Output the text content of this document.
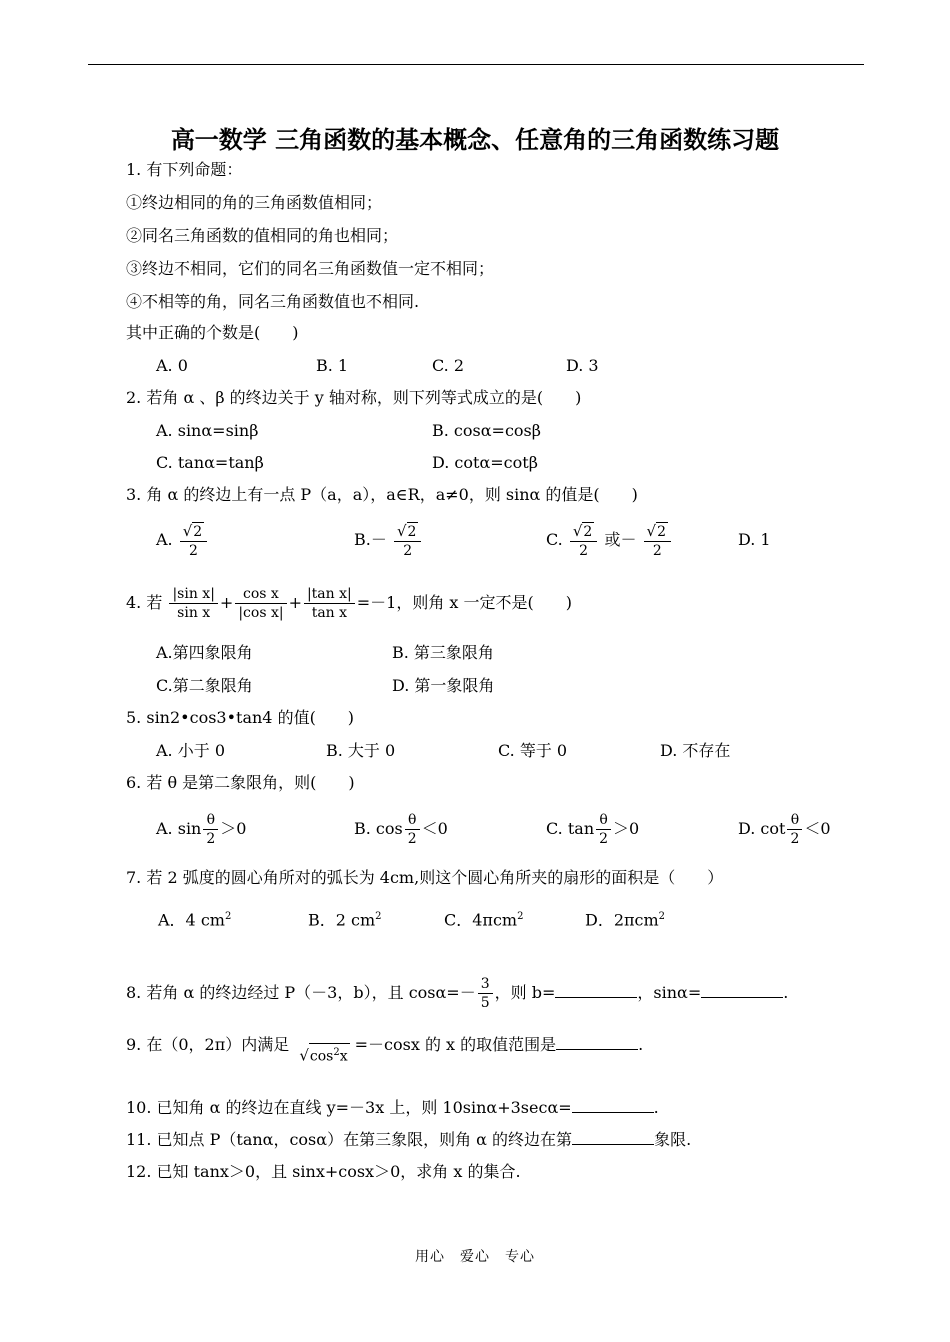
高一数学 三角函数的基本概念、任意角的三角函数练习题
1. 有下列命题：
①终边相同的角的三角函数值相同；
②同名三角函数的值相同的角也相同；
③终边不相同，它们的同名三角函数值一定不相同；
④不相等的角，同名三角函数值也不相同.
其中正确的个数是(　　)
A. 0	B. 1	C. 2	D. 3
2. 若角 α 、β 的终边关于 y 轴对称，则下列等式成立的是(　　)
A. sinα=sinβ	B. cosα=cosβ
C. tanα=tanβ	D. cotα=cotβ
3. 角 α 的终边上有一点 P（a，a），a∈R，a≠0，则 sinα 的值是(　　)
A. $\frac{√2}{2}$	$B.- \frac{√2}{2}$	C. $\frac{√2}{2}$ 或－ $\frac{√2}{2}$	D. 1
4. 若 $\frac{\text{|sin x|}}{\text{sin x}} + \frac{\text{cos x}}{\text{|cos x|}} + \frac{\text{|tan x|}}{\text{tan x}} =-1$，则角 x 一定不是(　　)
A.第四象限角	B. 第三象限角
C.第二象限角	D. 第一象限角
5. sin2•cos3•tan4 的值(　　)
A. 小于 0	B. 大于 0	C. 等于 0	D. 不存在
6. 若 θ 是第二象限角，则(　　)
A. $\sin \frac{\theta}{2} >0$	B. $\cos \frac{\theta}{2} <0$	C. $\tan \frac{\theta}{2} >0$	D. $\cot \frac{\theta}{2} <0$
7. 若 2 弧度的圆心角所对的弧长为 4cm,则这个圆心角所夹的扇形的面积是（　　）
A．4 $cm^2$	B．2 $cm^2$	C．4πcm$^2$	D．2πcm$^2$
8. 若角 α 的终边经过 P（－3，b），且 $\cos\alpha=- \frac{3}{5}$ ，则 b=	，sinα=	.
9. 在（0，2π）内满足
$√\cos^2x$
=－cosx 的 x 的取值范围是	.
10. 已知角 α 的终边在直线 y=－3x 上，则 10sinα+3secα=	.
11. 已知点 P（tanα，cosα）在第三象限，则角 α 的终边在第	象限.
12. 已知 tanx＞0，且 sinx+cosx＞0，求角 x 的集合.
用心　爱心　专心
